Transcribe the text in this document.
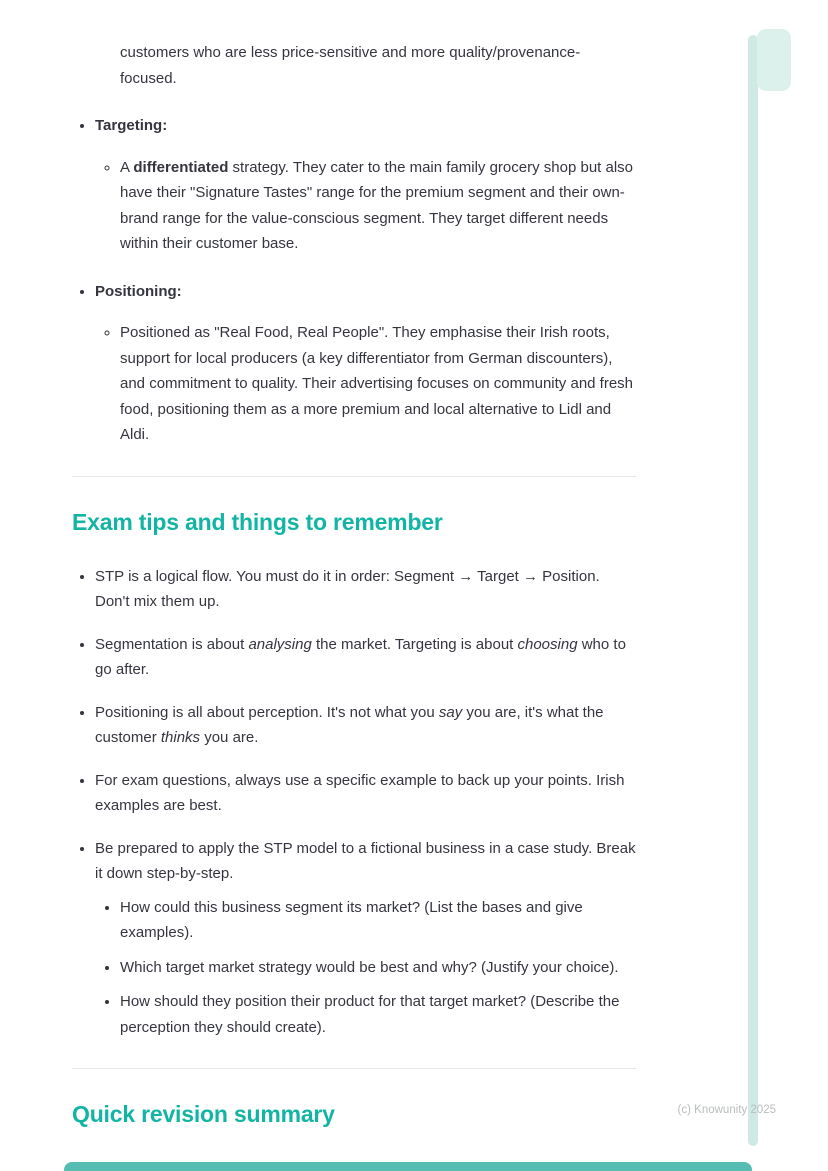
customers who are less price-sensitive and more quality/provenance-focused.

• Targeting:
◦ A differentiated strategy. They cater to the main family grocery shop but also have their "Signature Tastes" range for the premium segment and their own-brand range for the value-conscious segment. They target different needs within their customer base.
• Positioning:
◦ Positioned as "Real Food, Real People". They emphasise their Irish roots, support for local producers (a key differentiator from German discounters), and commitment to quality. Their advertising focuses on community and fresh food, positioning them as a more premium and local alternative to Lidl and Aldi.
Exam tips and things to remember
• STP is a logical flow. You must do it in order: Segment → Target → Position. Don't mix them up.
• Segmentation is about analysing the market. Targeting is about choosing who to go after.
• Positioning is all about perception. It's not what you say you are, it's what the customer thinks you are.
• For exam questions, always use a specific example to back up your points. Irish examples are best.
• Be prepared to apply the STP model to a fictional business in a case study. Break it down step-by-step.
• How could this business segment its market? (List the bases and give examples).
• Which target market strategy would be best and why? (Justify your choice).
• How should they position their product for that target market? (Describe the perception they should create).
Quick revision summary
•	(c) Knowunity 2025
